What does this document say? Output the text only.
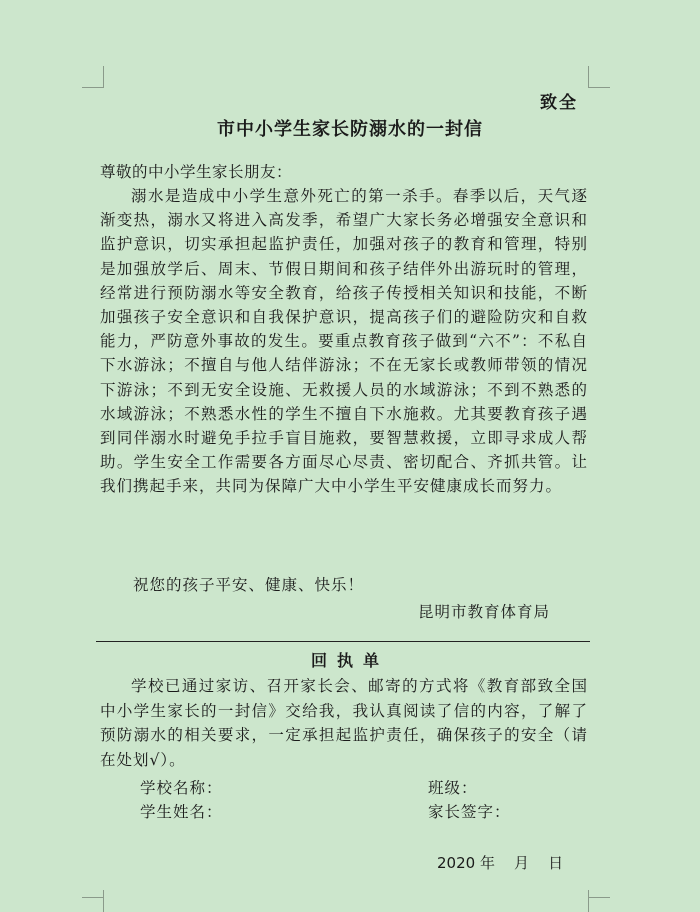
致全
市中小学生家长防溺水的一封信
尊敬的中小学生家长朋友：
溺水是造成中小学生意外死亡的第一杀手。春季以后，天气逐渐变热，溺水又将进入高发季，希望广大家长务必增强安全意识和监护意识，切实承担起监护责任，加强对孩子的教育和管理，特别是加强放学后、周末、节假日期间和孩子结伴外出游玩时的管理，经常进行预防溺水等安全教育，给孩子传授相关知识和技能，不断加强孩子安全意识和自我保护意识，提高孩子们的避险防灾和自救能力，严防意外事故的发生。要重点教育孩子做到“六不”：不私自下水游泳；不擅自与他人结伴游泳；不在无家长或教师带领的情况下游泳；不到无安全设施、无救援人员的水域游泳；不到不熟悉的水域游泳；不熟悉水性的学生不擅自下水施救。尤其要教育孩子遇到同伴溺水时避免手拉手盲目施救，要智慧救援，立即寻求成人帮助。学生安全工作需要各方面尽心尽责、密切配合、齐抓共管。让我们携起手来，共同为保障广大中小学生平安健康成长而努力。
祝您的孩子平安、健康、快乐！
昆明市教育体育局
回执单
学校已通过家访、召开家长会、邮寄的方式将《教育部致全国中小学生家长的一封信》交给我，我认真阅读了信的内容，了解了预防溺水的相关要求，一定承担起监护责任，确保孩子的安全（请在处划√）。
学校名称：	班级：
学生姓名：	家长签字：
2020 年    月    日
